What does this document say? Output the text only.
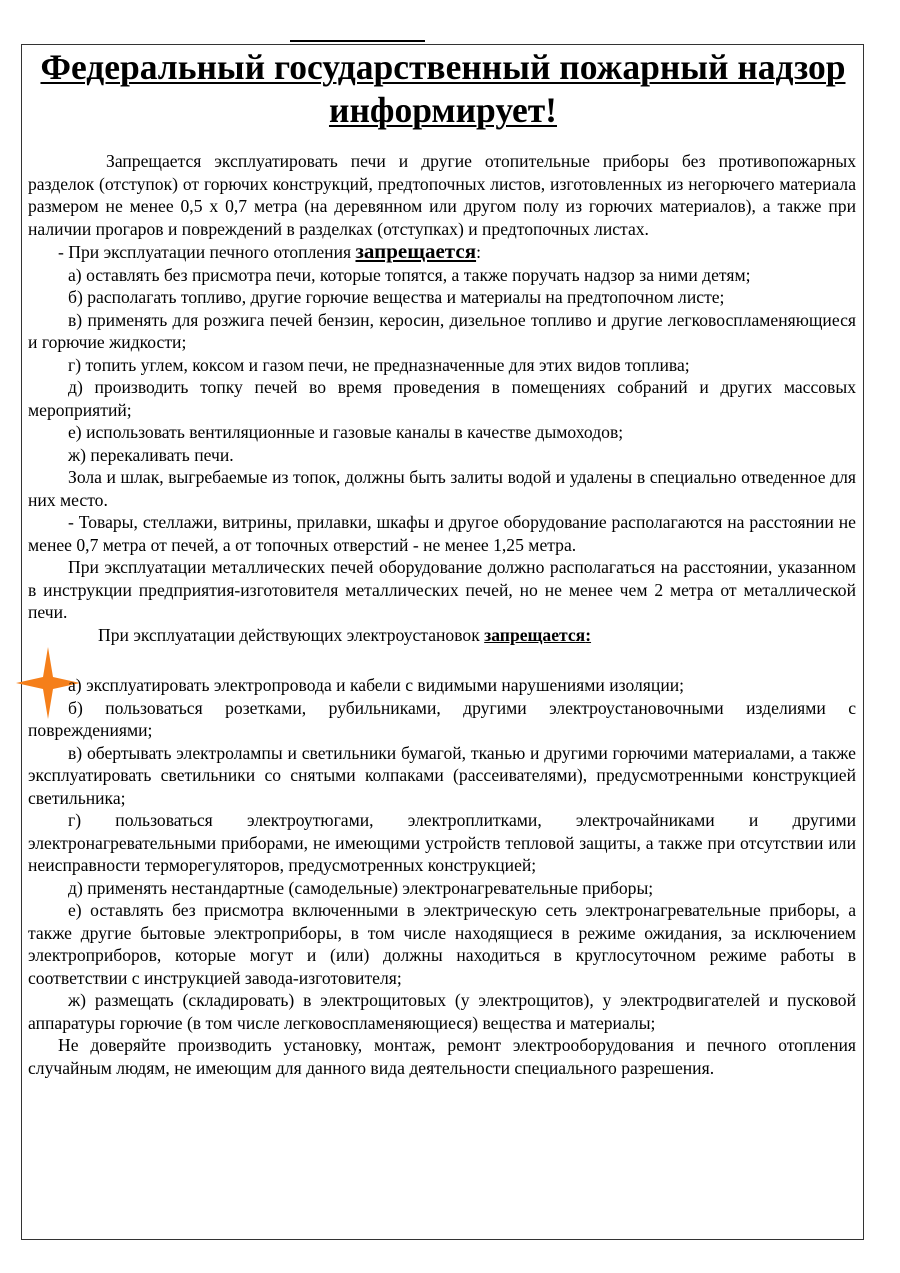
Федеральный государственный пожарный надзор информирует!

Запрещается эксплуатировать печи и другие отопительные приборы без противопожарных разделок (отступок) от горючих конструкций, предтопочных листов, изготовленных из негорючего материала размером не менее 0,5 х 0,7 метра (на деревянном или другом полу из горючих материалов), а также при наличии прогаров и повреждений в разделках (отступках) и предтопочных листах.

- При эксплуатации печного отопления запрещается:

а) оставлять без присмотра печи, которые топятся, а также поручать надзор за ними детям;

б) располагать топливо, другие горючие вещества и материалы на предтопочном листе;

в) применять для розжига печей бензин, керосин, дизельное топливо и другие легковоспламеняющиеся и горючие жидкости;

г) топить углем, коксом и газом печи, не предназначенные для этих видов топлива;

д) производить топку печей во время проведения в помещениях собраний и других массовых мероприятий;

е) использовать вентиляционные и газовые каналы в качестве дымоходов;

ж) перекаливать печи.

Зола и шлак, выгребаемые из топок, должны быть залиты водой и удалены в специально отведенное для них место.

- Товары, стеллажи, витрины, прилавки, шкафы и другое оборудование располагаются на расстоянии не менее 0,7 метра от печей, а от топочных отверстий - не менее 1,25 метра.

При эксплуатации металлических печей оборудование должно располагаться на расстоянии, указанном в инструкции предприятия-изготовителя металлических печей, но не менее чем 2 метра от металлической печи.

При эксплуатации действующих электроустановок запрещается:

а) эксплуатировать электропровода и кабели с видимыми нарушениями изоляции;

б) пользоваться розетками, рубильниками, другими электроустановочными изделиями с повреждениями;

в) обертывать электролампы и светильники бумагой, тканью и другими горючими материалами, а также эксплуатировать светильники со снятыми колпаками (рассеивателями), предусмотренными конструкцией светильника;

г) пользоваться электроутюгами, электроплитками, электрочайниками и другими электронагревательными приборами, не имеющими устройств тепловой защиты, а также при отсутствии или неисправности терморегуляторов, предусмотренных конструкцией;

д) применять нестандартные (самодельные) электронагревательные приборы;

е) оставлять без присмотра включенными в электрическую сеть электронагревательные приборы, а также другие бытовые электроприборы, в том числе находящиеся в режиме ожидания, за исключением электроприборов, которые могут и (или) должны находиться в круглосуточном режиме работы в соответствии с инструкцией завода-изготовителя;

ж) размещать (складировать) в электрощитовых (у электрощитов), у электродвигателей и пусковой аппаратуры горючие (в том числе легковоспламеняющиеся) вещества и материалы;

Не доверяйте производить установку, монтаж, ремонт электрооборудования и печного отопления случайным людям, не имеющим для данного вида деятельности специального разрешения.
